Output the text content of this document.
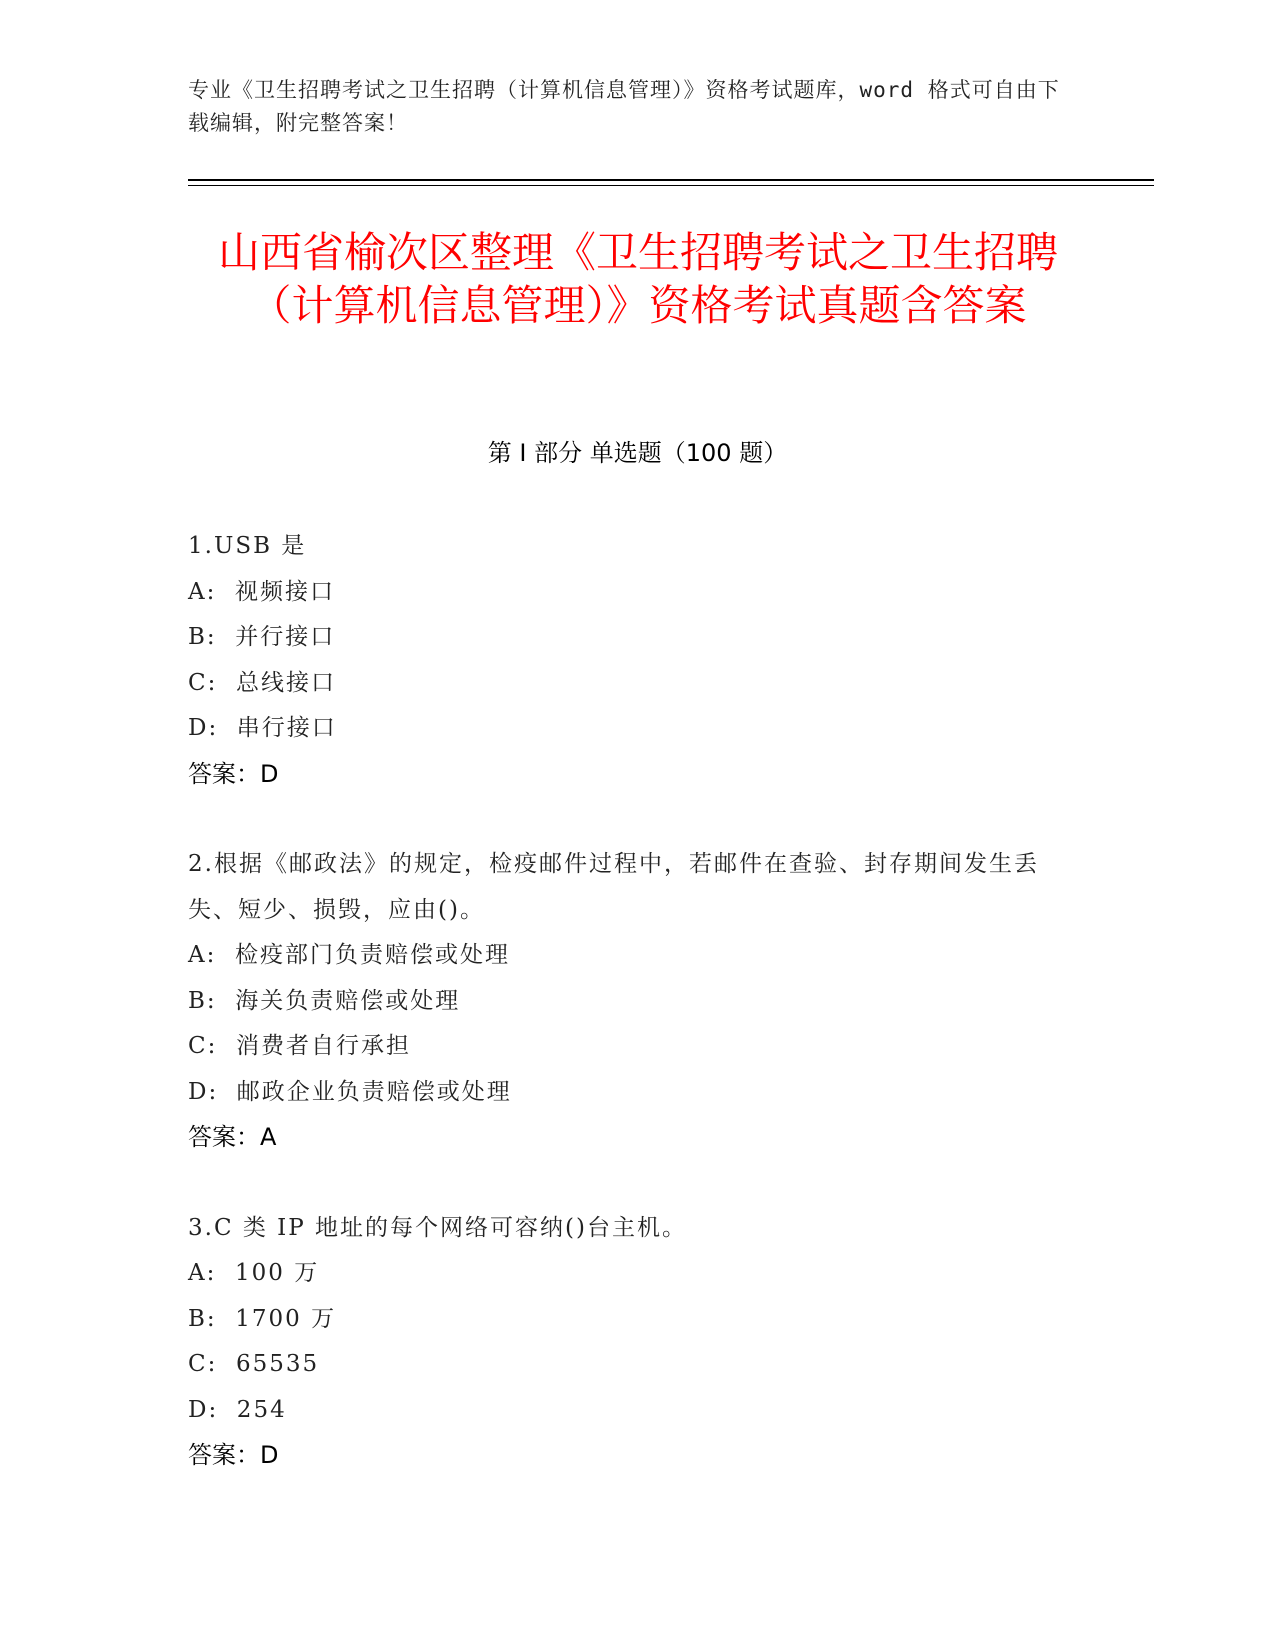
专业《卫生招聘考试之卫生招聘（计算机信息管理）》资格考试题库，word 格式可自由下载编辑，附完整答案！
山西省榆次区整理《卫生招聘考试之卫生招聘（计算机信息管理）》资格考试真题含答案
第 I 部分 单选题（100 题）
1.USB 是
A:  视频接口
B:  并行接口
C:  总线接口
D:  串行接口
答案：D
2.根据《邮政法》的规定，检疫邮件过程中，若邮件在查验、封存期间发生丢失、短少、损毁，应由()。
A:  检疫部门负责赔偿或处理
B:  海关负责赔偿或处理
C:  消费者自行承担
D:  邮政企业负责赔偿或处理
答案：A
3.C 类 IP 地址的每个网络可容纳()台主机。
A:  100 万
B:  1700 万
C:  65535
D:  254
答案：D
